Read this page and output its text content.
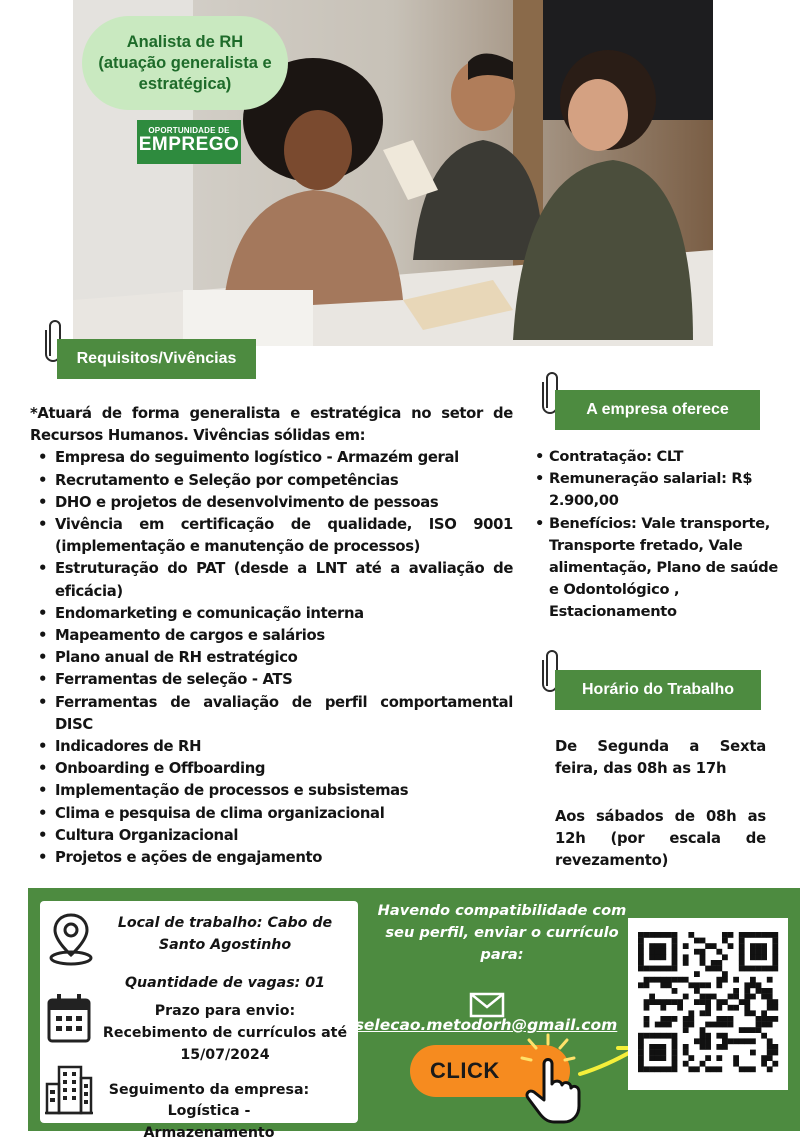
Analista de RH
(atuação generalista e
estratégica)
OPORTUNIDADE DE
EMPREGO
Requisitos/Vivências

*Atuará de forma generalista e estratégica no setor de Recursos Humanos. Vivências sólidas em:

• Empresa do seguimento logístico - Armazém geral
• Recrutamento e Seleção por competências
• DHO e projetos de desenvolvimento de pessoas
• Vivência em certificação de qualidade, ISO 9001 (implementação e manutenção de processos)
• Estruturação do PAT (desde a LNT até a avaliação de eficácia)
• Endomarketing e comunicação interna
• Mapeamento de cargos e salários
• Plano anual de RH estratégico
• Ferramentas de seleção - ATS
• Ferramentas de avaliação de perfil comportamental DISC
• Indicadores de RH
• Onboarding e Offboarding
• Implementação de processos e subsistemas
• Clima e pesquisa de clima organizacional
• Cultura Organizacional
• Projetos e ações de engajamento
A empresa oferece
• Contratação: CLT
• Remuneração salarial: R$ 2.900,00
• Benefícios: Vale transporte, Transporte fretado, Vale alimentação, Plano de saúde e Odontológico , Estacionamento
Horário do Trabalho

De Segunda a Sexta feira, das 08h as 17h

Aos sábados de 08h as 12h (por escala de revezamento)

Local de trabalho: Cabo de Santo Agostinho

Quantidade de vagas: 01

Prazo para envio:

Recebimento de currículos até 15/07/2024

Seguimento da empresa:

Logística - Armazenamento

Havendo compatibilidade com seu perfil, enviar o currículo para:

selecao.metodorh@gmail.com
CLICK
